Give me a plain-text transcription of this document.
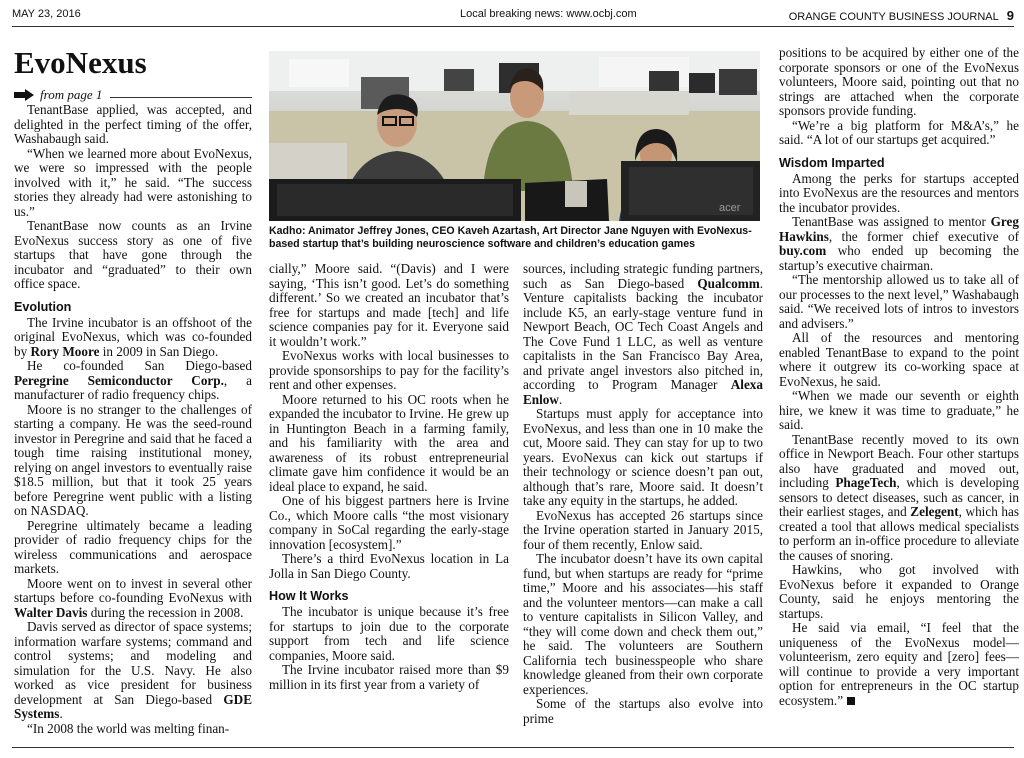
MAY 23, 2016	Local breaking news: www.ocbj.com	ORANGE COUNTY BUSINESS JOURNAL 9
EvoNexus
from page 1

TenantBase applied, was accepted, and delighted in the perfect timing of the offer, Washabaugh said.

“When we learned more about EvoNexus, we were so impressed with the people involved with it,” he said. “The success stories they already had were astonishing to us.”

TenantBase now counts as an Irvine EvoNexus success story as one of five startups that have gone through the incubator and “graduated” to their own office space.

Evolution

The Irvine incubator is an offshoot of the original EvoNexus, which was co-founded by Rory Moore in 2009 in San Diego.

He co-founded San Diego-based Peregrine Semiconductor Corp., a manufacturer of radio frequency chips.

Moore is no stranger to the challenges of starting a company. He was the seed-round investor in Peregrine and said that he faced a tough time raising institutional money, relying on angel investors to eventually raise $18.5 million, but that it took 25 years before Peregrine went public with a listing on NASDAQ.

Peregrine ultimately became a leading provider of radio frequency chips for the wireless communications and aerospace markets.

Moore went on to invest in several other startups before co-founding EvoNexus with Walter Davis during the recession in 2008.

Davis served as director of space systems; information warfare systems; command and control systems; and modeling and simulation for the U.S. Navy. He also worked as vice president for business development at San Diego-based GDE Systems.

“In 2008 the world was melting finan-

acer
Kadho: Animator Jeffrey Jones, CEO Kaveh Azartash, Art Director Jane Nguyen with EvoNexus-based startup that’s building neuroscience software and children’s education games

cially,” Moore said. “(Davis) and I were saying, ‘This isn’t good. Let’s do something different.’ So we created an incubator that’s free for startups and made [tech] and life science companies pay for it. Everyone said it wouldn’t work.”

EvoNexus works with local businesses to provide sponsorships to pay for the facility’s rent and other expenses.

Moore returned to his OC roots when he expanded the incubator to Irvine. He grew up in Huntington Beach in a farming family, and his familiarity with the area and awareness of its robust entrepreneurial climate gave him confidence it would be an ideal place to expand, he said.

One of his biggest partners here is Irvine Co., which Moore calls “the most visionary company in SoCal regarding the early-stage innovation [ecosystem].”

There’s a third EvoNexus location in La Jolla in San Diego County.

How It Works

The incubator is unique because it’s free for startups to join due to the corporate support from tech and life science companies, Moore said.

The Irvine incubator raised more than $9 million in its first year from a variety of

sources, including strategic funding partners, such as San Diego-based Qualcomm. Venture capitalists backing the incubator include K5, an early-stage venture fund in Newport Beach, OC Tech Coast Angels and The Cove Fund 1 LLC, as well as venture capitalists in the San Francisco Bay Area, and private angel investors also pitched in, according to Program Manager Alexa Enlow.

Startups must apply for acceptance into EvoNexus, and less than one in 10 make the cut, Moore said. They can stay for up to two years. EvoNexus can kick out startups if their technology or science doesn’t pan out, although that’s rare, Moore said. It doesn’t take any equity in the startups, he added.

EvoNexus has accepted 26 startups since the Irvine operation started in January 2015, four of them recently, Enlow said.

The incubator doesn’t have its own capital fund, but when startups are ready for “prime time,” Moore and his associates—his staff and the volunteer mentors—can make a call to venture capitalists in Silicon Valley, and “they will come down and check them out,” he said. The volunteers are Southern California tech businesspeople who share knowledge gleaned from their own corporate experiences.

Some of the startups also evolve into prime

positions to be acquired by either one of the corporate sponsors or one of the EvoNexus volunteers, Moore said, pointing out that no strings are attached when the corporate sponsors provide funding.

“We’re a big platform for M&A’s,” he said. “A lot of our startups get acquired.”

Wisdom Imparted

Among the perks for startups accepted into EvoNexus are the resources and mentors the incubator provides.

TenantBase was assigned to mentor Greg Hawkins, the former chief executive of buy.com who ended up becoming the startup’s executive chairman.

“The mentorship allowed us to take all of our processes to the next level,” Washabaugh said. “We received lots of intros to investors and advisers.”

All of the resources and mentoring enabled TenantBase to expand to the point where it outgrew its co-working space at EvoNexus, he said.

“When we made our seventh or eighth hire, we knew it was time to graduate,” he said.

TenantBase recently moved to its own office in Newport Beach. Four other startups also have graduated and moved out, including PhageTech, which is developing sensors to detect diseases, such as cancer, in their earliest stages, and Zelegent, which has created a tool that allows medical specialists to perform an in-office procedure to alleviate the causes of snoring.

Hawkins, who got involved with EvoNexus before it expanded to Orange County, said he enjoys mentoring the startups.

He said via email, “I feel that the uniqueness of the EvoNexus model—volunteerism, zero equity and [zero] fees—will continue to provide a very important option for entrepreneurs in the OC startup ecosystem.”
